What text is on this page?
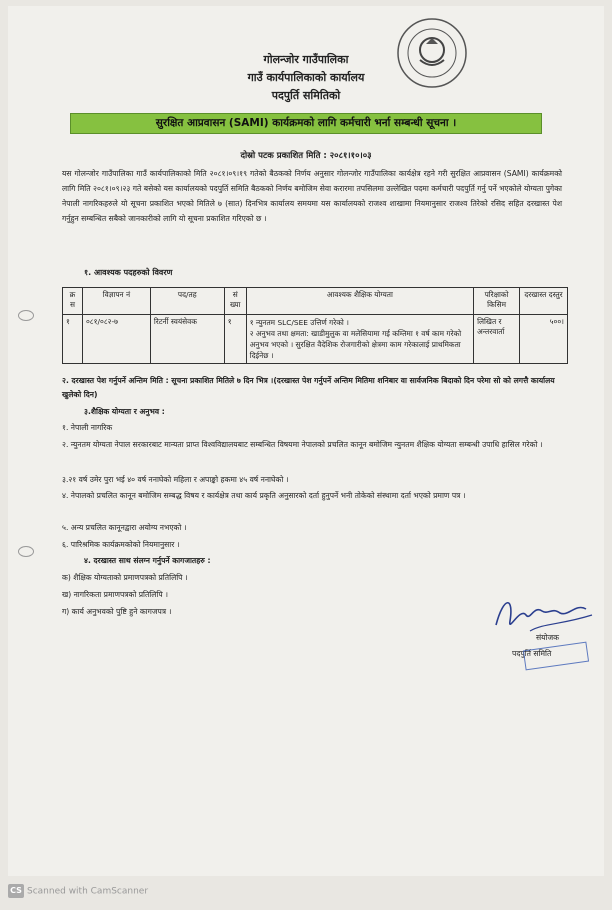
गोलन्जोर गाउँपालिका
गाउँ कार्यपालिकाको कार्यालय
पदपुर्ति समितिको
सुरक्षित आप्रवासन (SAMI) कार्यक्रमको लागि कर्मचारी भर्ना सम्बन्धी सूचना ।
दोस्रो पटक प्रकाशित मिति : २०८१।१०।०३
यस गोलन्जोर गाउँपालिका गाउँ कार्यपालिकाको मिति २०८१।०९।१९ गतेको बैठकको निर्णय अनुसार गोलन्जोर गाउँपालिका कार्यक्षेत्र रहने गरी सुरक्षित आप्रवासन (SAMI) कार्यक्रमको लागि मिति २०८१।०९।२३ गते बसेको यस कार्यालयको पदपुर्ति समिति बैठकको निर्णय बमोजिम सेवा करारमा तपसिलमा उल्लेखित पदमा कर्मचारी पदपुर्ति गर्नु पर्ने भएकोले योग्यता पुगेका नेपाली नागरिकहरुले यो सूचना प्रकाशित भएको मितिले ७ (सात) दिनभित्र कार्यालय समयमा यस कार्यालयको राजश्व शाखामा नियमानुसार राजश्व तिरेको रसिद सहित दरखास्त पेश गर्नुहुन सम्बन्धित सबैको जानकारीको लागि यो सूचना प्रकाशित गरिएको छ ।
१. आवश्यक पदहरुको विवरण
क्र स	विज्ञापन नं	पद/तह	सं ख्या	आवश्यक शैक्षिक योग्यता	परिक्षाको किसिम	दरखास्त दस्तुर
१	०८१/०८२-७	रिटर्नी स्वयंसेवक	१	१ न्युनतम SLC/SEE उत्तिर्ण गरेको ।
२ अनुभव तथा क्षमता: खाडीमुलुक वा मलेसियामा गई कम्तिमा १ वर्ष काम गरेको अनुभव भएको । सुरक्षित वैदेशिक रोजगारीको क्षेत्रमा काम गरेकालाई प्राथमिकता दिईनेछ ।	लिखित र अन्तरवार्ता	५००।
२. दरखास्त पेश गर्नुपर्ने अन्तिम मिति : सूचना प्रकाशित मितिले ७ दिन भित्र ।(दरखास्त पेश गर्नुपर्ने अन्तिम मितिमा शनिबार वा सार्वजनिक बिदाको दिन परेमा सो को लगत्तै कार्यालय खुलेको दिन)
३.शैक्षिक योग्यता र अनुभव :
१. नेपाली नागरिक
२. न्युनतम योग्यता नेपाल सरकारबाट मान्यता प्राप्त विश्वविद्यालयबाट सम्बन्धित विषयमा नेपालको प्रचलित कानून बमोजिम न्युनतम शैक्षिक योग्यता सम्बन्धी उपाधि हासिल गरेको ।
३.२१ वर्ष उमेर पुरा भई ४० वर्ष ननाघेको महिला र अपाङ्को हकमा ४५ वर्ष ननाघेको ।
४. नेपालको प्रचलित कानून बमोजिम सम्बद्ध विषय र कार्यक्षेत्र तथा कार्य प्रकृति अनुसारको दर्ता हुनुपर्ने भनी तोकेको संस्थामा दर्ता भएको प्रमाण पत्र ।
५. अन्य प्रचलित कानूनद्वारा अयोग्य नभएको ।
६. पारिश्रमिक कार्यक्रमकोको नियमानुसार ।
४. दरखास्त साथ संलग्न गर्नुपर्ने कागजातहरु :
क) शैक्षिक योग्यताको प्रमाणपत्रको प्रतिलिपि ।
ख) नागरिकता प्रमाणपत्रको प्रतिलिपि ।
ग) कार्य अनुभवको पुष्टि हुने कागजपत्र ।
संयोजक
पदपुर्ति समिति
CS Scanned with CamScanner
